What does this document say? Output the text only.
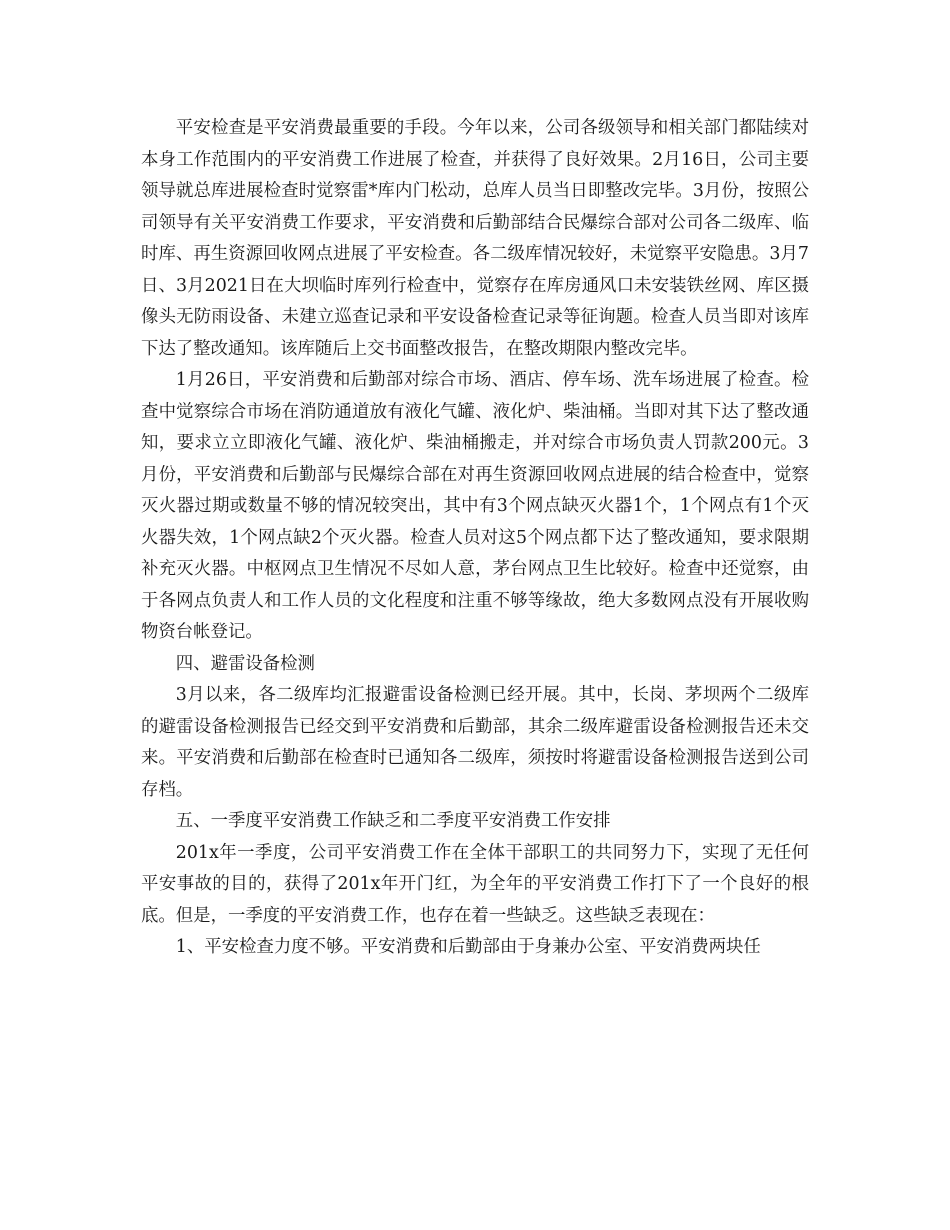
平安检查是平安消费最重要的手段。今年以来，公司各级领导和相关部门都陆续对本身工作范围内的平安消费工作进展了检查，并获得了良好效果。2月16日，公司主要领导就总库进展检查时觉察雷*库内门松动，总库人员当日即整改完毕。3月份，按照公司领导有关平安消费工作要求，平安消费和后勤部结合民爆综合部对公司各二级库、临时库、再生资源回收网点进展了平安检查。各二级库情况较好，未觉察平安隐患。3月7日、3月2021日在大坝临时库列行检查中，觉察存在库房通风口未安装铁丝网、库区摄像头无防雨设备、未建立巡查记录和平安设备检查记录等征询题。检查人员当即对该库下达了整改通知。该库随后上交书面整改报告，在整改期限内整改完毕。

1月26日，平安消费和后勤部对综合市场、酒店、停车场、洗车场进展了检查。检查中觉察综合市场在消防通道放有液化气罐、液化炉、柴油桶。当即对其下达了整改通知，要求立立即液化气罐、液化炉、柴油桶搬走，并对综合市场负责人罚款200元。3月份，平安消费和后勤部与民爆综合部在对再生资源回收网点进展的结合检查中，觉察灭火器过期或数量不够的情况较突出，其中有3个网点缺灭火器1个，1个网点有1个灭火器失效，1个网点缺2个灭火器。检查人员对这5个网点都下达了整改通知，要求限期补充灭火器。中枢网点卫生情况不尽如人意，茅台网点卫生比较好。检查中还觉察，由于各网点负责人和工作人员的文化程度和注重不够等缘故，绝大多数网点没有开展收购物资台帐登记。

四、避雷设备检测

3月以来，各二级库均汇报避雷设备检测已经开展。其中，长岗、茅坝两个二级库的避雷设备检测报告已经交到平安消费和后勤部，其余二级库避雷设备检测报告还未交来。平安消费和后勤部在检查时已通知各二级库，须按时将避雷设备检测报告送到公司存档。

五、一季度平安消费工作缺乏和二季度平安消费工作安排

201x年一季度，公司平安消费工作在全体干部职工的共同努力下，实现了无任何平安事故的目的，获得了201x年开门红，为全年的平安消费工作打下了一个良好的根底。但是，一季度的平安消费工作，也存在着一些缺乏。这些缺乏表现在：

1、平安检查力度不够。平安消费和后勤部由于身兼办公室、平安消费两块任
